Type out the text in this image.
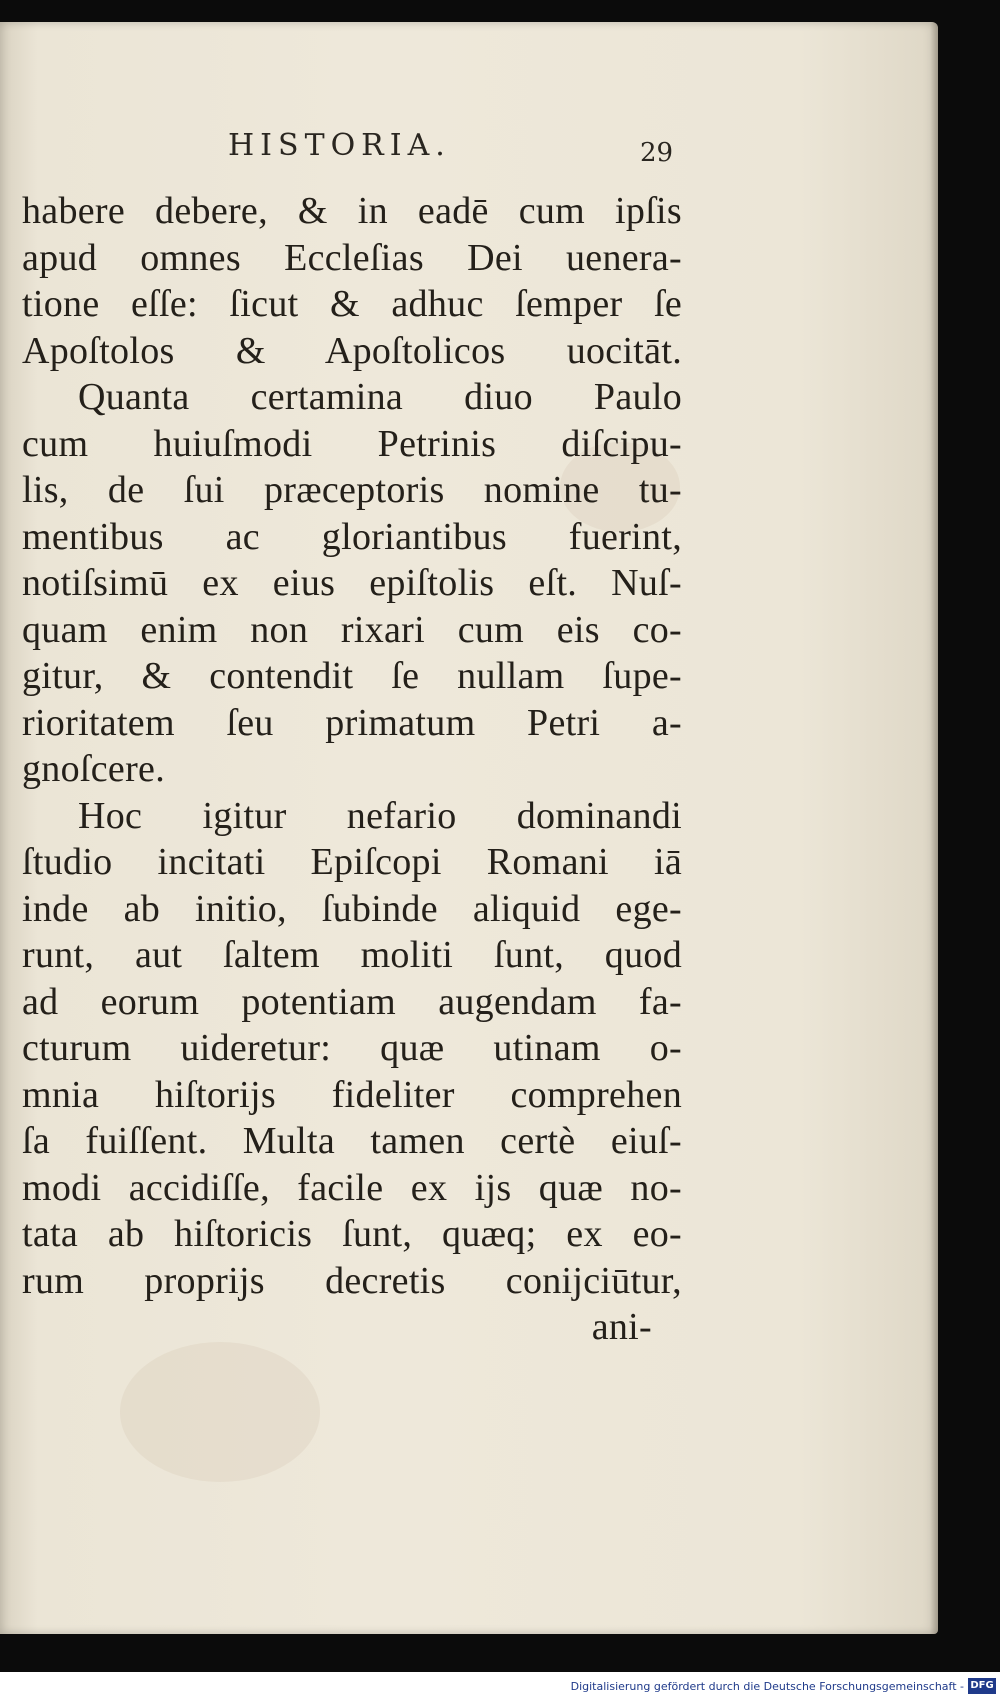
HISTORIA.	29
habere debere, & in eadē cum ipſis
apud omnes Eccleſias Dei uenera-
tione eſſe: ſicut & adhuc ſemper ſe
Apoſtolos & Apoſtolicos uocitāt.
Quanta certamina diuo Paulo
cum huiuſmodi Petrinis diſcipu-
lis, de ſui præceptoris nomine tu-
mentibus ac gloriantibus fuerint,
notiſsimū ex eius epiſtolis eſt. Nuſ-
quam enim non rixari cum eis co-
gitur, & contendit ſe nullam ſupe-
rioritatem ſeu primatum Petri a-
gnoſcere.
Hoc igitur nefario dominandi
ſtudio incitati Epiſcopi Romani iā
inde ab initio, ſubinde aliquid ege-
runt, aut ſaltem moliti ſunt, quod
ad eorum potentiam augendam fa-
cturum uideretur: quæ utinam o-
mnia hiſtorijs fideliter comprehen
ſa fuiſſent. Multa tamen certè eiuſ-
modi accidiſſe, facile ex ijs quæ no-
tata ab hiſtoricis ſunt, quæq; ex eo-
rum proprijs decretis conijciūtur,
ani-
Digitalisierung gefördert durch die Deutsche Forschungsgemeinschaft - DFG
